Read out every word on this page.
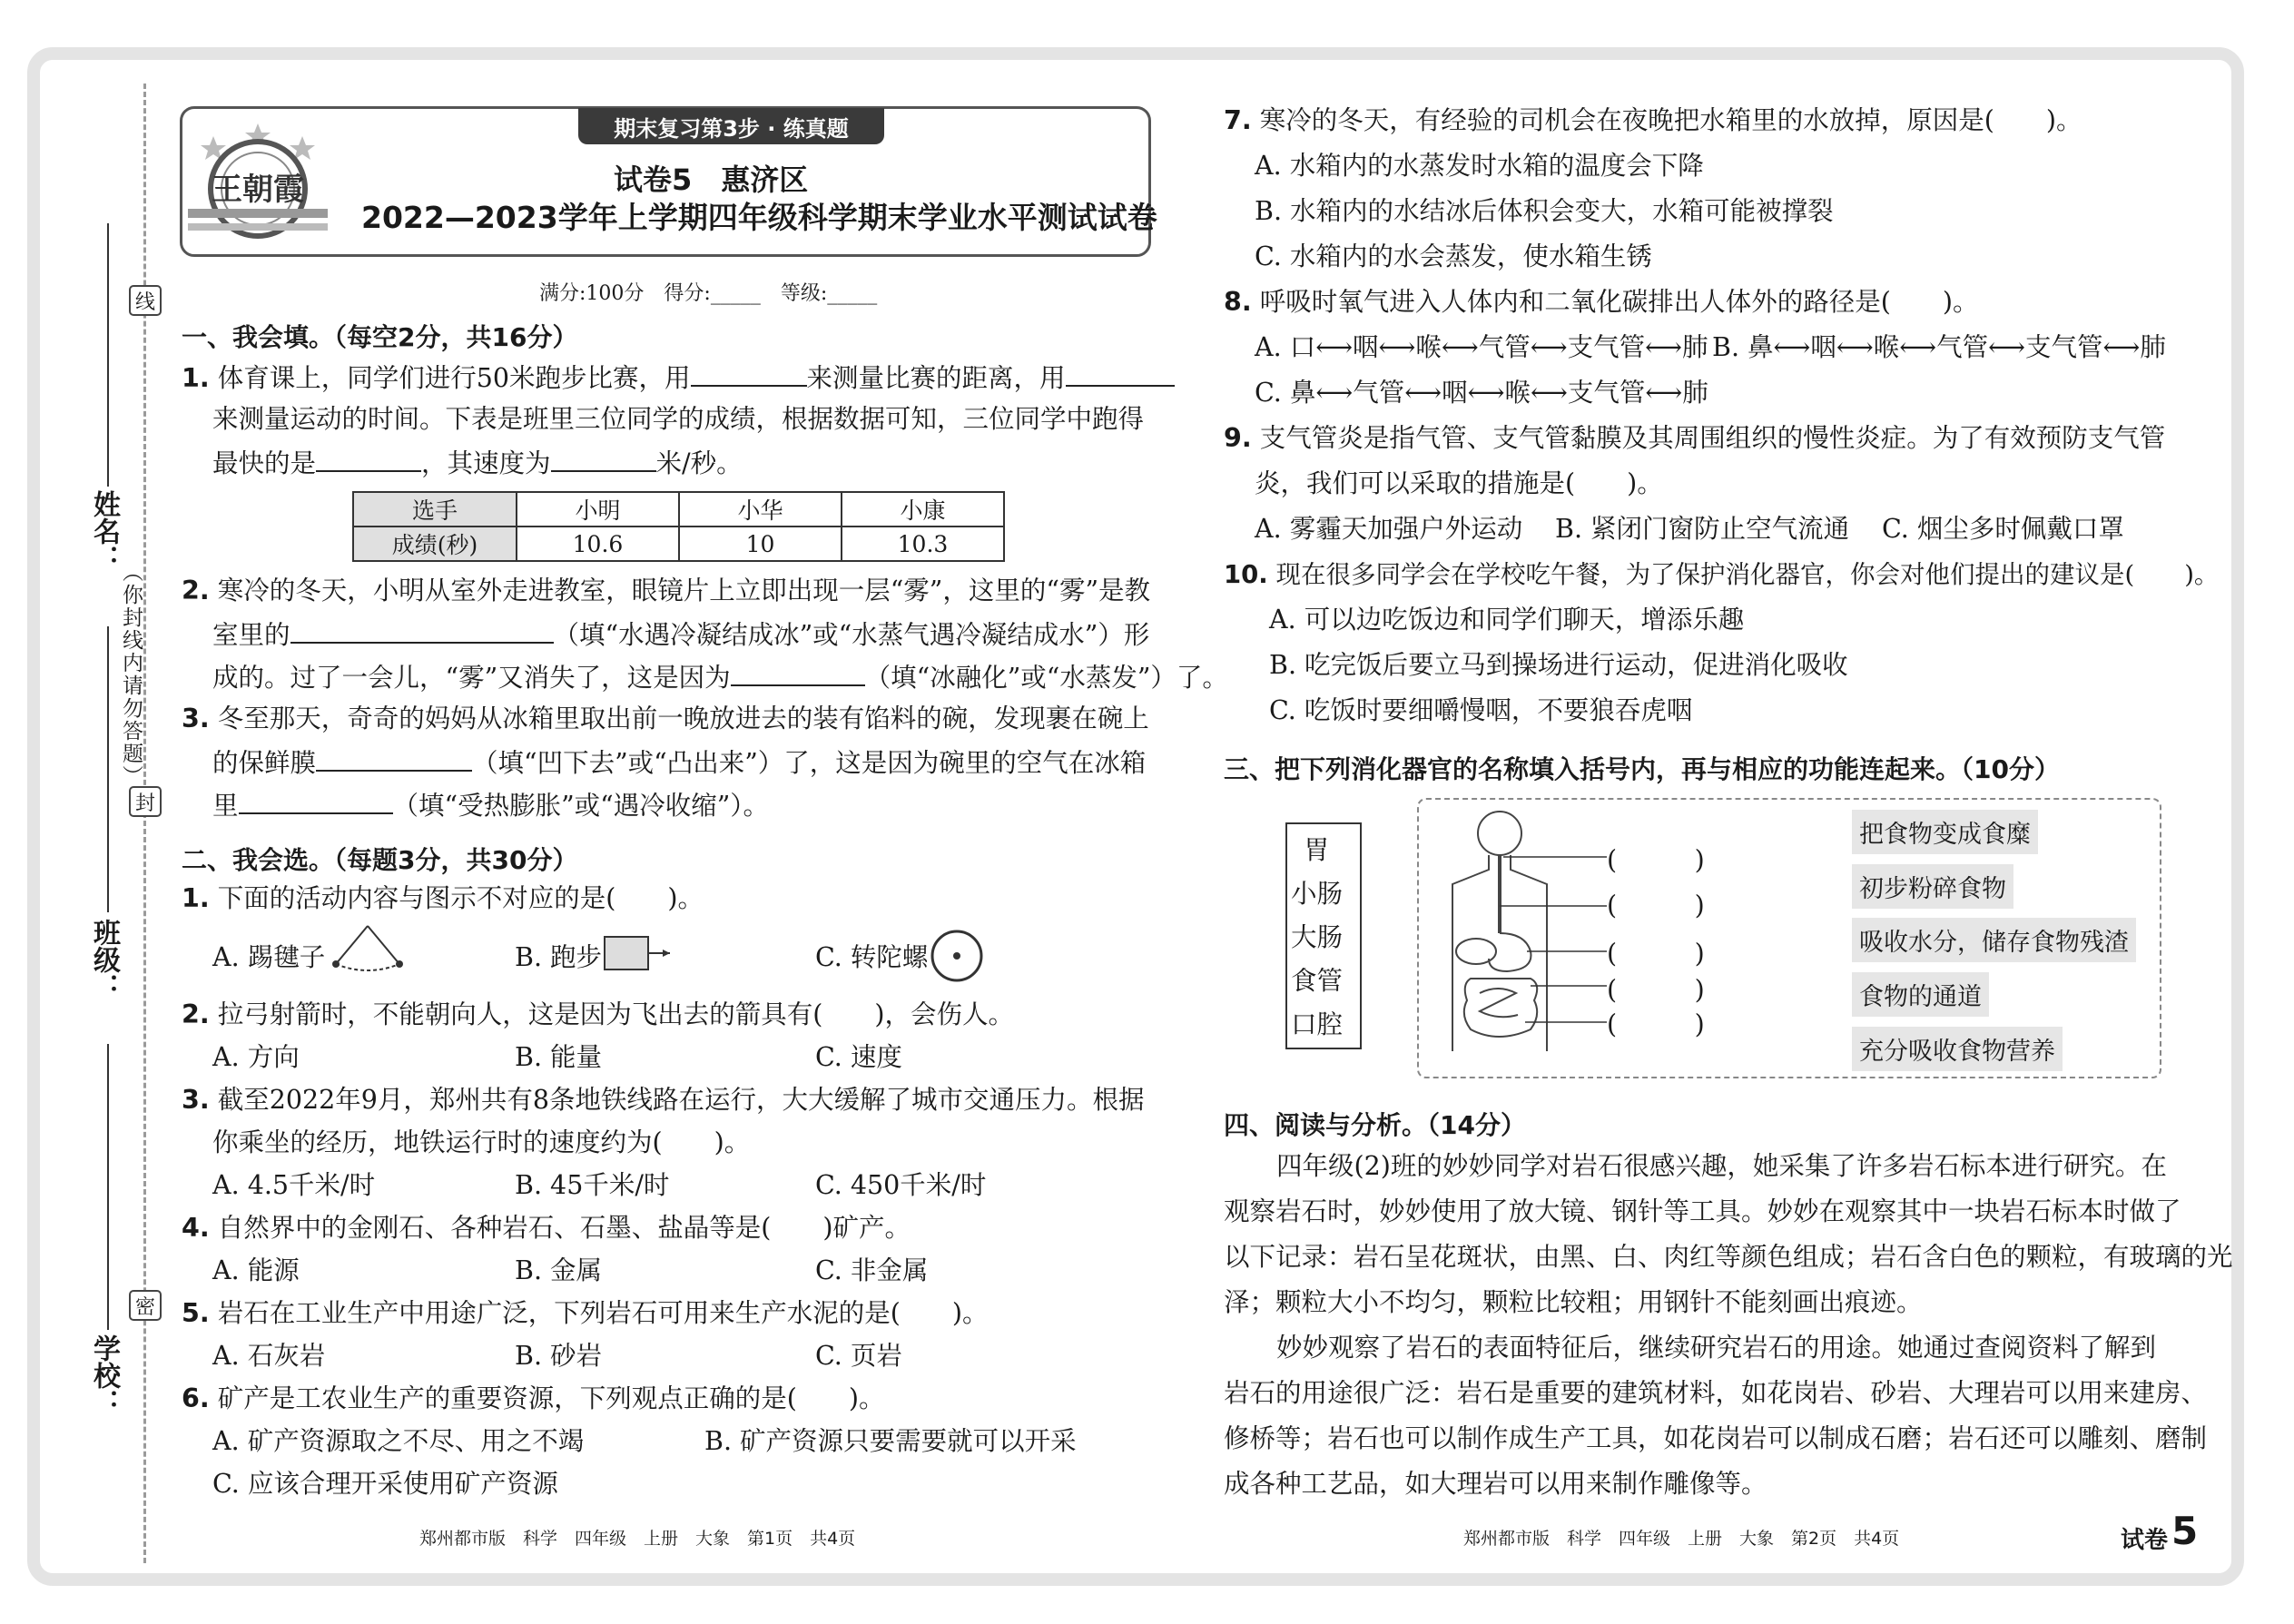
线
封
密
（你封线内请勿答题）
姓名：
班级：
学校：
期末复习第3步 · 练真题
王朝霞	试卷5　惠济区
2022—2023学年上学期四年级科学期末学业水平测试试卷
满分:100分　得分:_____　等级:_____
一、我会填。（每空2分，共16分）
1. 体育课上，同学们进行50米跑步比赛，用	来测量比赛的距离，用
来测量运动的时间。下表是班里三位同学的成绩，根据数据可知，三位同学中跑得
最快的是	，其速度为	米/秒。
选手	小明	小华	小康
成绩(秒)	10.6	10	10.3
2. 寒冷的冬天，小明从室外走进教室，眼镜片上立即出现一层“雾”，这里的“雾”是教
室里的	（填“水遇冷凝结成冰”或“水蒸气遇冷凝结成水”）形
成的。过了一会儿，“雾”又消失了，这是因为	（填“冰融化”或“水蒸发”）了。
3. 冬至那天，奇奇的妈妈从冰箱里取出前一晚放进去的装有馅料的碗，发现裹在碗上
的保鲜膜	（填“凹下去”或“凸出来”）了，这是因为碗里的空气在冰箱
里	（填“受热膨胀”或“遇冷收缩”）。
二、我会选。（每题3分，共30分）
1. 下面的活动内容与图示不对应的是(　　)。
A. 踢毽子	B. 跑步	C. 转陀螺
2. 拉弓射箭时，不能朝向人，这是因为飞出去的箭具有(　　)，会伤人。
A. 方向	B. 能量	C. 速度
3. 截至2022年9月，郑州共有8条地铁线路在运行，大大缓解了城市交通压力。根据
你乘坐的经历，地铁运行时的速度约为(　　)。
A. 4.5千米/时	B. 45千米/时	C. 450千米/时
4. 自然界中的金刚石、各种岩石、石墨、盐晶等是(　　)矿产。
A. 能源	B. 金属	C. 非金属
5. 岩石在工业生产中用途广泛，下列岩石可用来生产水泥的是(　　)。
A. 石灰岩	B. 砂岩	C. 页岩
6. 矿产是工农业生产的重要资源，下列观点正确的是(　　)。
A. 矿产资源取之不尽、用之不竭	B. 矿产资源只要需要就可以开采
C. 应该合理开采使用矿产资源
7. 寒冷的冬天，有经验的司机会在夜晚把水箱里的水放掉，原因是(　　)。
A. 水箱内的水蒸发时水箱的温度会下降
B. 水箱内的水结冰后体积会变大，水箱可能被撑裂
C. 水箱内的水会蒸发，使水箱生锈
8. 呼吸时氧气进入人体内和二氧化碳排出人体外的路径是(　　)。
A. 口⟷咽⟷喉⟷气管⟷支气管⟷肺 B. 鼻⟷咽⟷喉⟷气管⟷支气管⟷肺
C. 鼻⟷气管⟷咽⟷喉⟷支气管⟷肺
9. 支气管炎是指气管、支气管黏膜及其周围组织的慢性炎症。为了有效预防支气管
炎，我们可以采取的措施是(　　)。
A. 雾霾天加强户外运动 B. 紧闭门窗防止空气流通 C. 烟尘多时佩戴口罩
10. 现在很多同学会在学校吃午餐，为了保护消化器官，你会对他们提出的建议是(　　)。
A. 可以边吃饭边和同学们聊天，增添乐趣
B. 吃完饭后要立马到操场进行运动，促进消化吸收
C. 吃饭时要细嚼慢咽，不要狼吞虎咽
三、把下列消化器官的名称填入括号内，再与相应的功能连起来。（10分）
胃
小肠
大肠
食管
口腔
(　　　)
(　　　)
(　　　)
(　　　)
(　　　)
把食物变成食糜
初步粉碎食物
吸收水分，储存食物残渣
食物的通道
充分吸收食物营养
四、阅读与分析。（14分）
四年级(2)班的妙妙同学对岩石很感兴趣，她采集了许多岩石标本进行研究。在
观察岩石时，妙妙使用了放大镜、钢针等工具。妙妙在观察其中一块岩石标本时做了
以下记录：岩石呈花斑状，由黑、白、肉红等颜色组成；岩石含白色的颗粒，有玻璃的光
泽；颗粒大小不均匀，颗粒比较粗；用钢针不能刻画出痕迹。
妙妙观察了岩石的表面特征后，继续研究岩石的用途。她通过查阅资料了解到
岩石的用途很广泛：岩石是重要的建筑材料，如花岗岩、砂岩、大理岩可以用来建房、
修桥等；岩石也可以制作成生产工具，如花岗岩可以制成石磨；岩石还可以雕刻、磨制
成各种工艺品，如大理岩可以用来制作雕像等。
郑州都市版　科学　四年级　上册　大象　第1页　共4页	郑州都市版　科学　四年级　上册　大象　第2页　共4页	试卷 5
